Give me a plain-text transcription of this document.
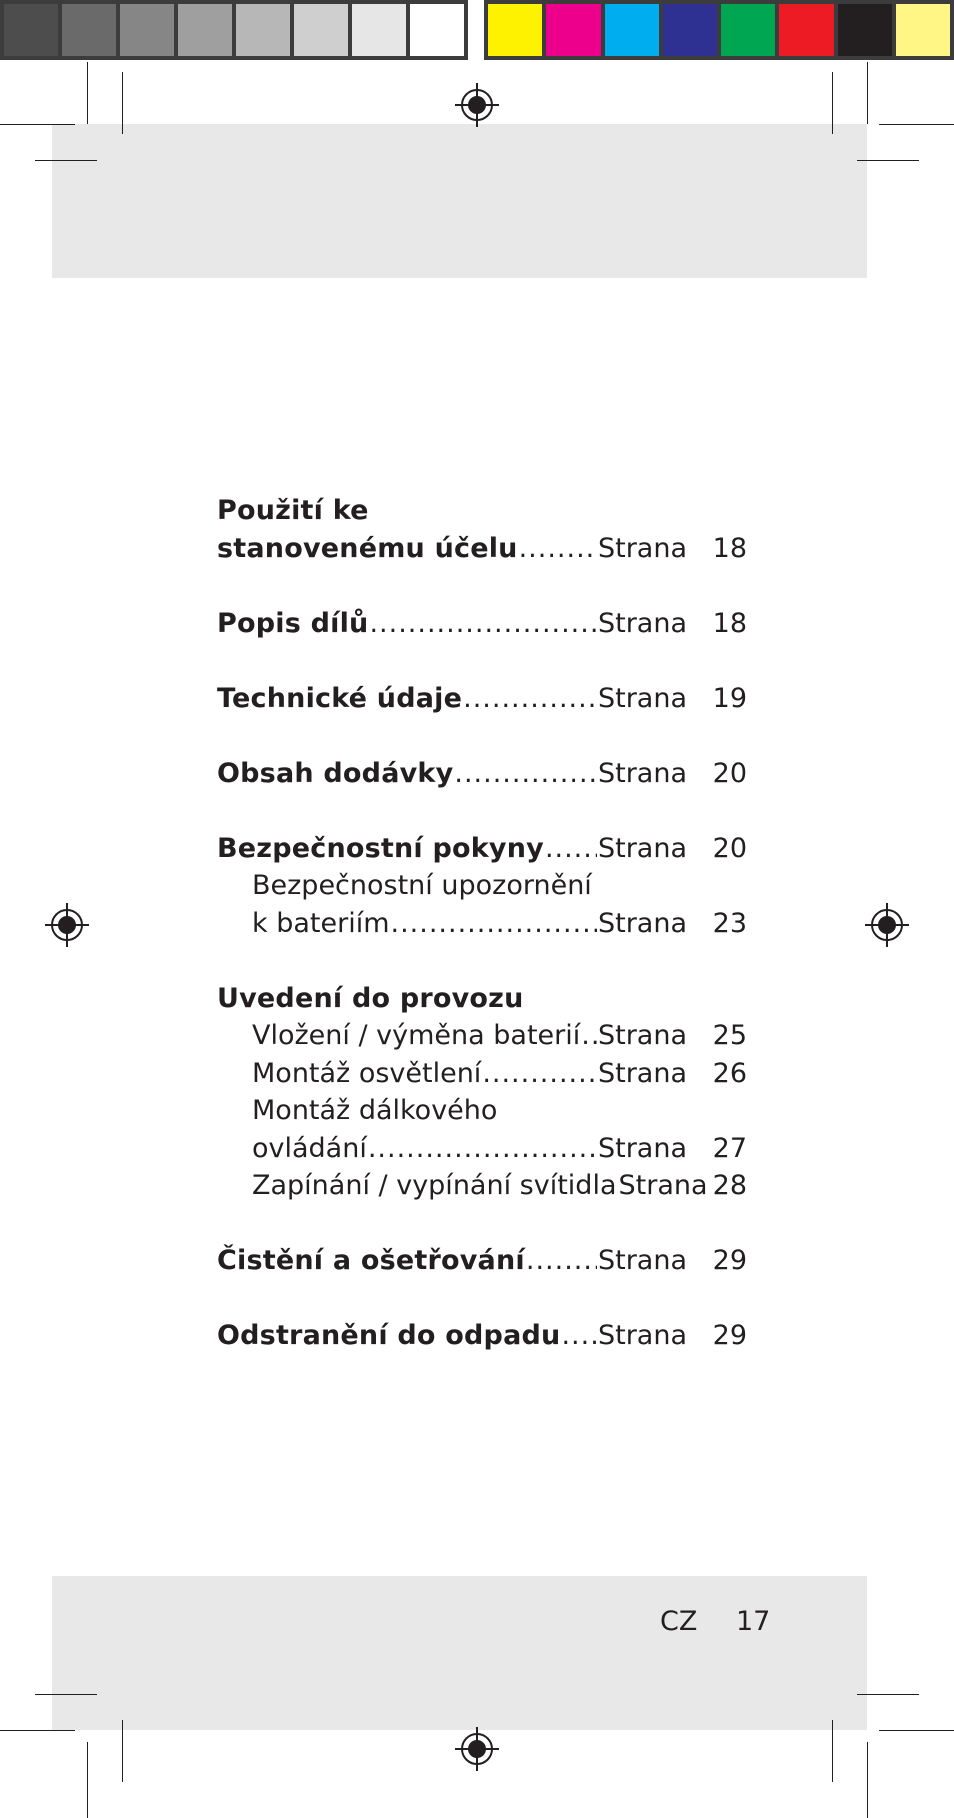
Použití ke
stanovenému účelu .....	Strana 18
Popis dílů .....	Strana 18
Technické údaje .....	Strana 19
Obsah dodávky .....	Strana 20
Bezpečnostní pokyny ..... Strana 20
Bezpečnostní upozornění
k bateriím .....	Strana 23
Uvedení do provozu
Vložení / výměna baterií ..... Strana 25
Montáž osvětlení .....	Strana 26
Montáž dálkového
ovládání .....	Strana 27
Zapínání / vypínání svítidla Strana 28
Čistění a ošetřování .....	Strana 29
Odstranění do odpadu ..... Strana 29
CZ 17
